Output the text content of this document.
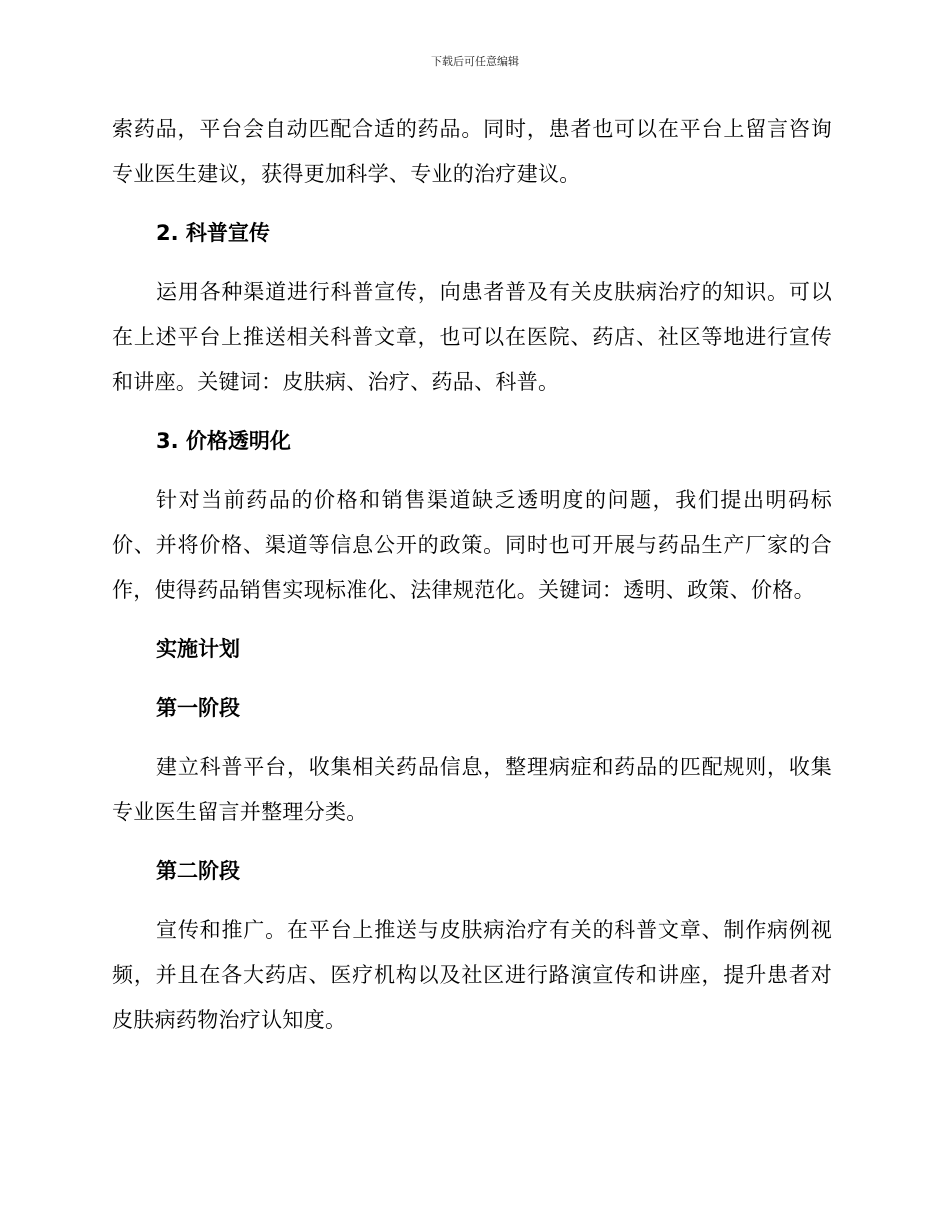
下载后可任意编辑

索药品，平台会自动匹配合适的药品。同时，患者也可以在平台上留言咨询专业医生建议，获得更加科学、专业的治疗建议。

2. 科普宣传

运用各种渠道进行科普宣传，向患者普及有关皮肤病治疗的知识。可以在上述平台上推送相关科普文章，也可以在医院、药店、社区等地进行宣传和讲座。关键词：皮肤病、治疗、药品、科普。

3. 价格透明化

针对当前药品的价格和销售渠道缺乏透明度的问题，我们提出明码标价、并将价格、渠道等信息公开的政策。同时也可开展与药品生产厂家的合作，使得药品销售实现标准化、法律规范化。关键词：透明、政策、价格。

实施计划
第一阶段

建立科普平台，收集相关药品信息，整理病症和药品的匹配规则，收集专业医生留言并整理分类。

第二阶段

宣传和推广。在平台上推送与皮肤病治疗有关的科普文章、制作病例视频，并且在各大药店、医疗机构以及社区进行路演宣传和讲座，提升患者对皮肤病药物治疗认知度。
